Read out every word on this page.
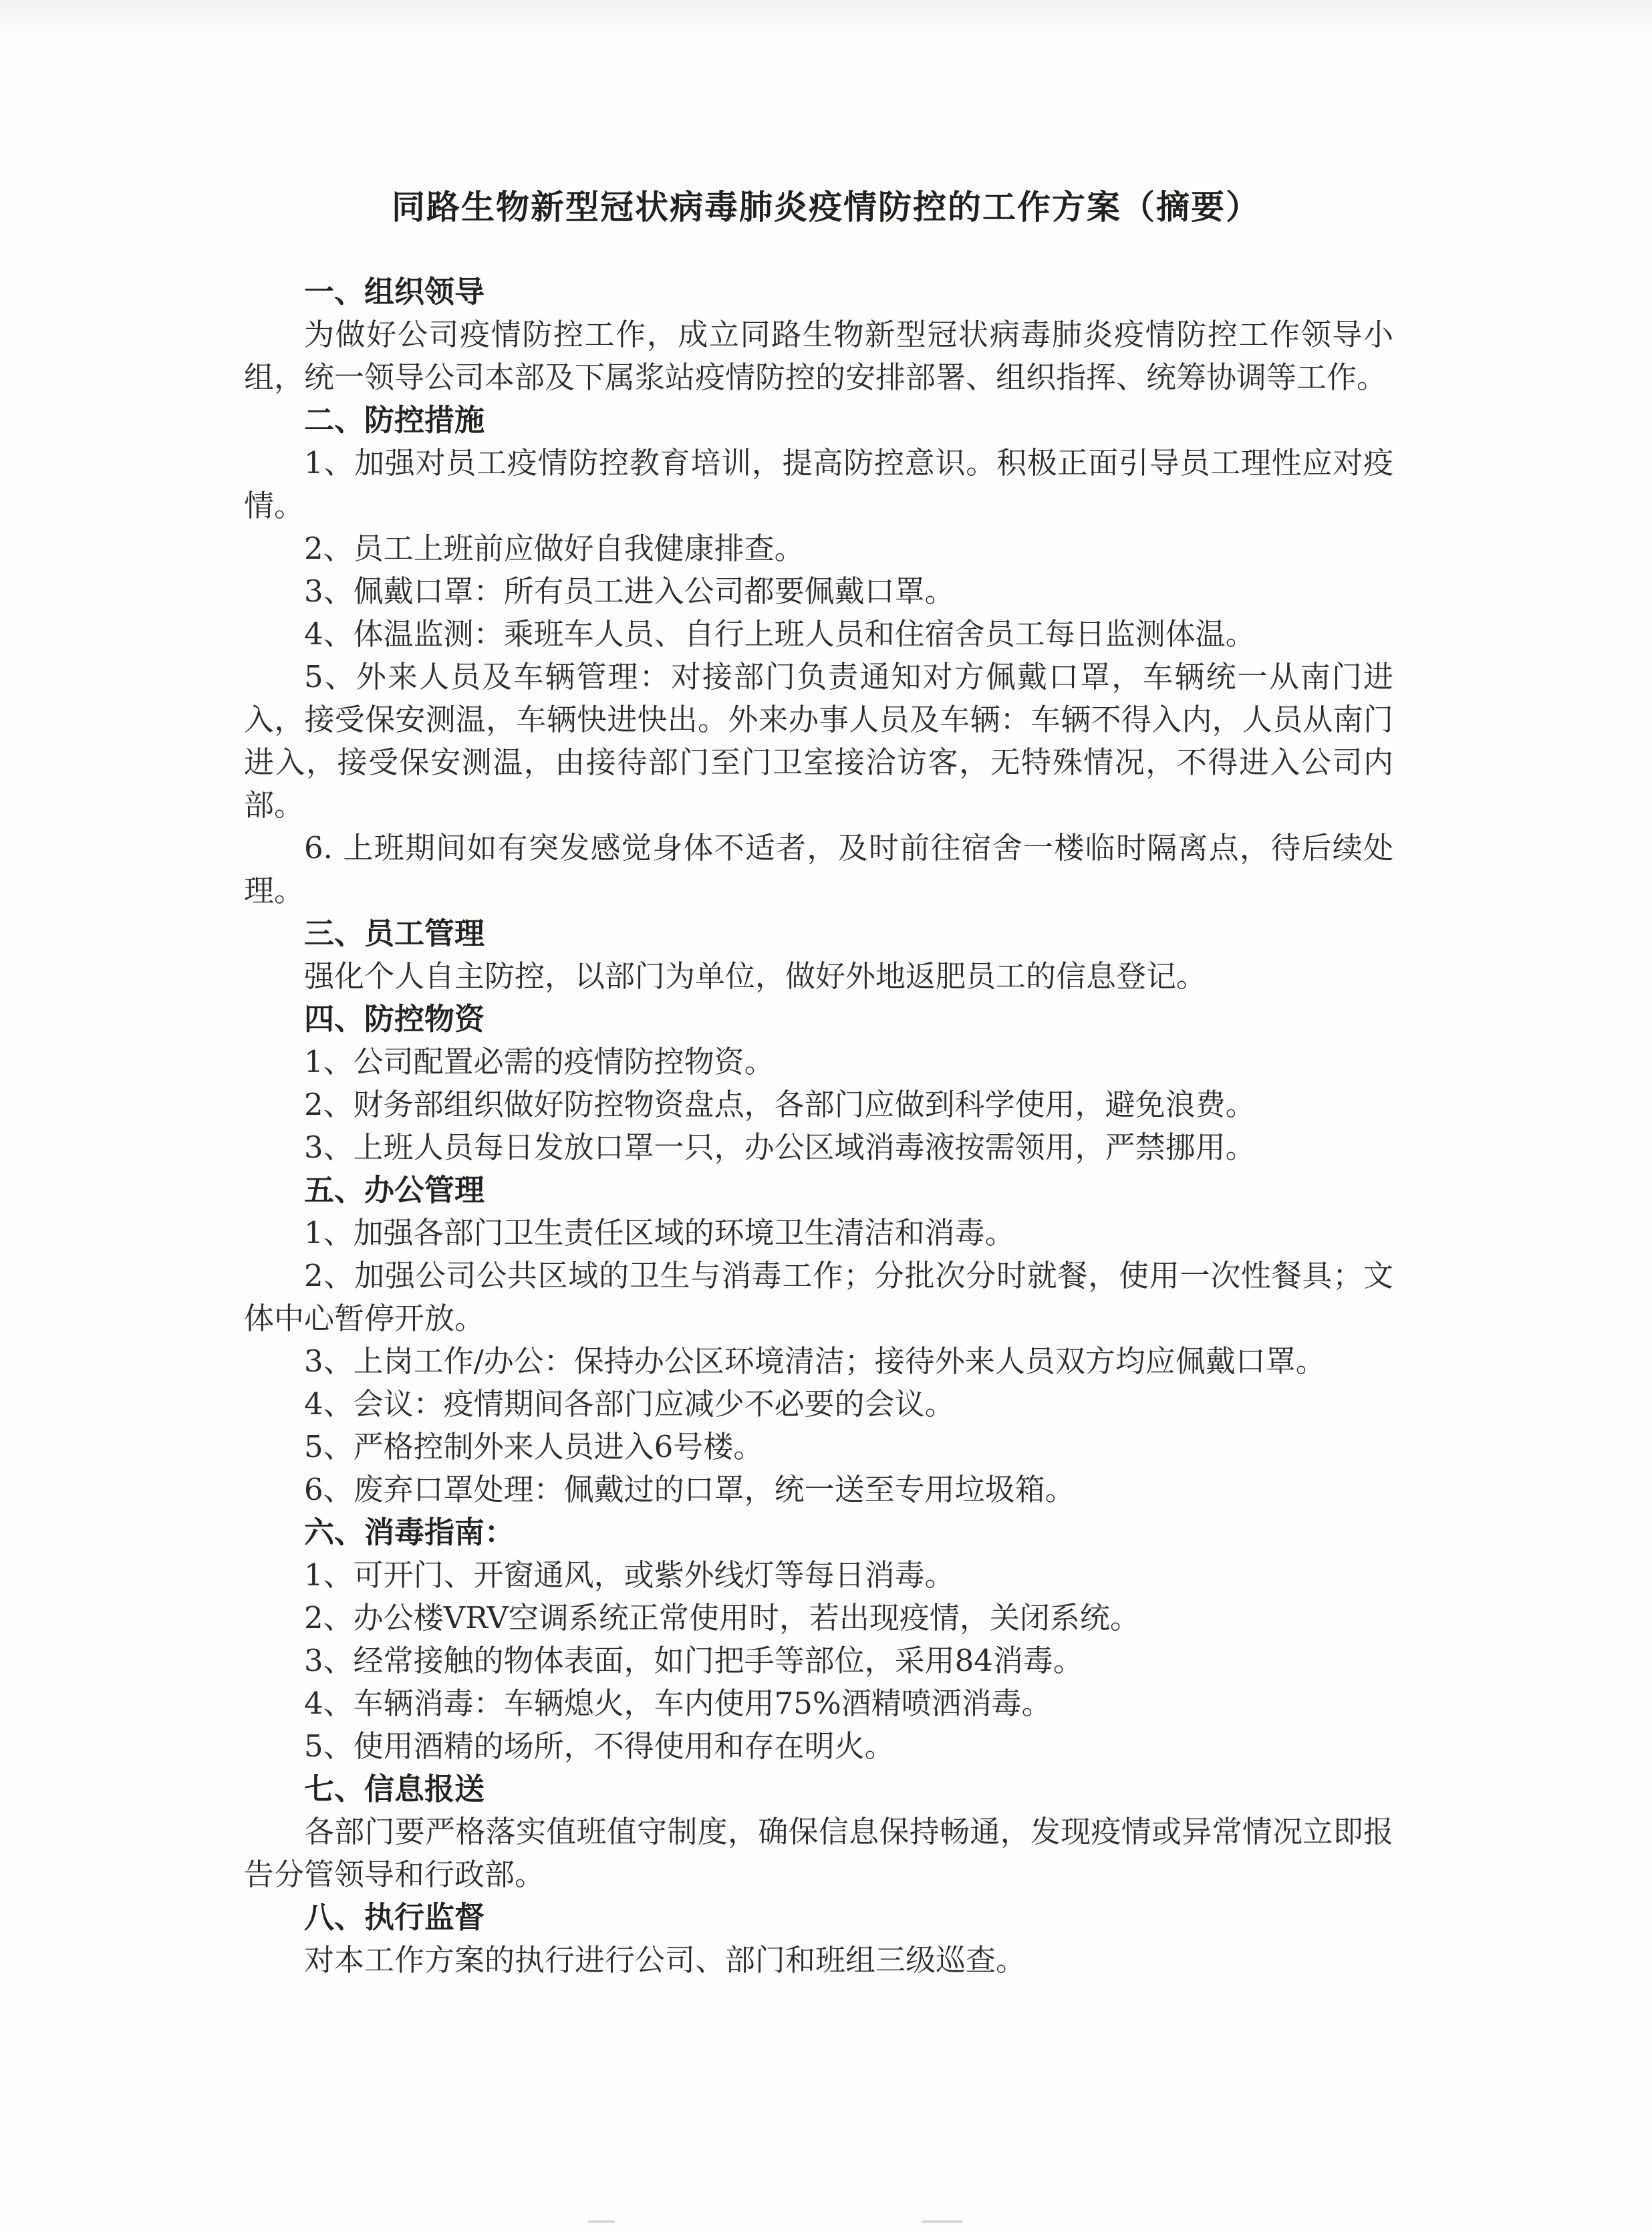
同路生物新型冠状病毒肺炎疫情防控的工作方案（摘要）

一、组织领导

为做好公司疫情防控工作，成立同路生物新型冠状病毒肺炎疫情防控工作领导小组，统一领导公司本部及下属浆站疫情防控的安排部署、组织指挥、统筹协调等工作。

二、防控措施

1、加强对员工疫情防控教育培训，提高防控意识。积极正面引导员工理性应对疫情。

2、员工上班前应做好自我健康排查。

3、佩戴口罩：所有员工进入公司都要佩戴口罩。

4、体温监测：乘班车人员、自行上班人员和住宿舍员工每日监测体温。

5、外来人员及车辆管理：对接部门负责通知对方佩戴口罩，车辆统一从南门进入，接受保安测温，车辆快进快出。外来办事人员及车辆：车辆不得入内，人员从南门进入，接受保安测温，由接待部门至门卫室接洽访客，无特殊情况，不得进入公司内部。

6. 上班期间如有突发感觉身体不适者，及时前往宿舍一楼临时隔离点，待后续处理。

三、员工管理

强化个人自主防控，以部门为单位，做好外地返肥员工的信息登记。

四、防控物资

1、公司配置必需的疫情防控物资。

2、财务部组织做好防控物资盘点，各部门应做到科学使用，避免浪费。

3、上班人员每日发放口罩一只，办公区域消毒液按需领用，严禁挪用。

五、办公管理

1、加强各部门卫生责任区域的环境卫生清洁和消毒。

2、加强公司公共区域的卫生与消毒工作；分批次分时就餐，使用一次性餐具；文体中心暂停开放。

3、上岗工作/办公：保持办公区环境清洁；接待外来人员双方均应佩戴口罩。

4、会议：疫情期间各部门应减少不必要的会议。

5、严格控制外来人员进入6号楼。

6、废弃口罩处理：佩戴过的口罩，统一送至专用垃圾箱。

六、消毒指南：

1、可开门、开窗通风，或紫外线灯等每日消毒。

2、办公楼VRV空调系统正常使用时，若出现疫情，关闭系统。

3、经常接触的物体表面，如门把手等部位，采用84消毒。

4、车辆消毒：车辆熄火，车内使用75%酒精喷洒消毒。

5、使用酒精的场所，不得使用和存在明火。

七、信息报送

各部门要严格落实值班值守制度，确保信息保持畅通，发现疫情或异常情况立即报告分管领导和行政部。

八、执行监督

对本工作方案的执行进行公司、部门和班组三级巡查。
